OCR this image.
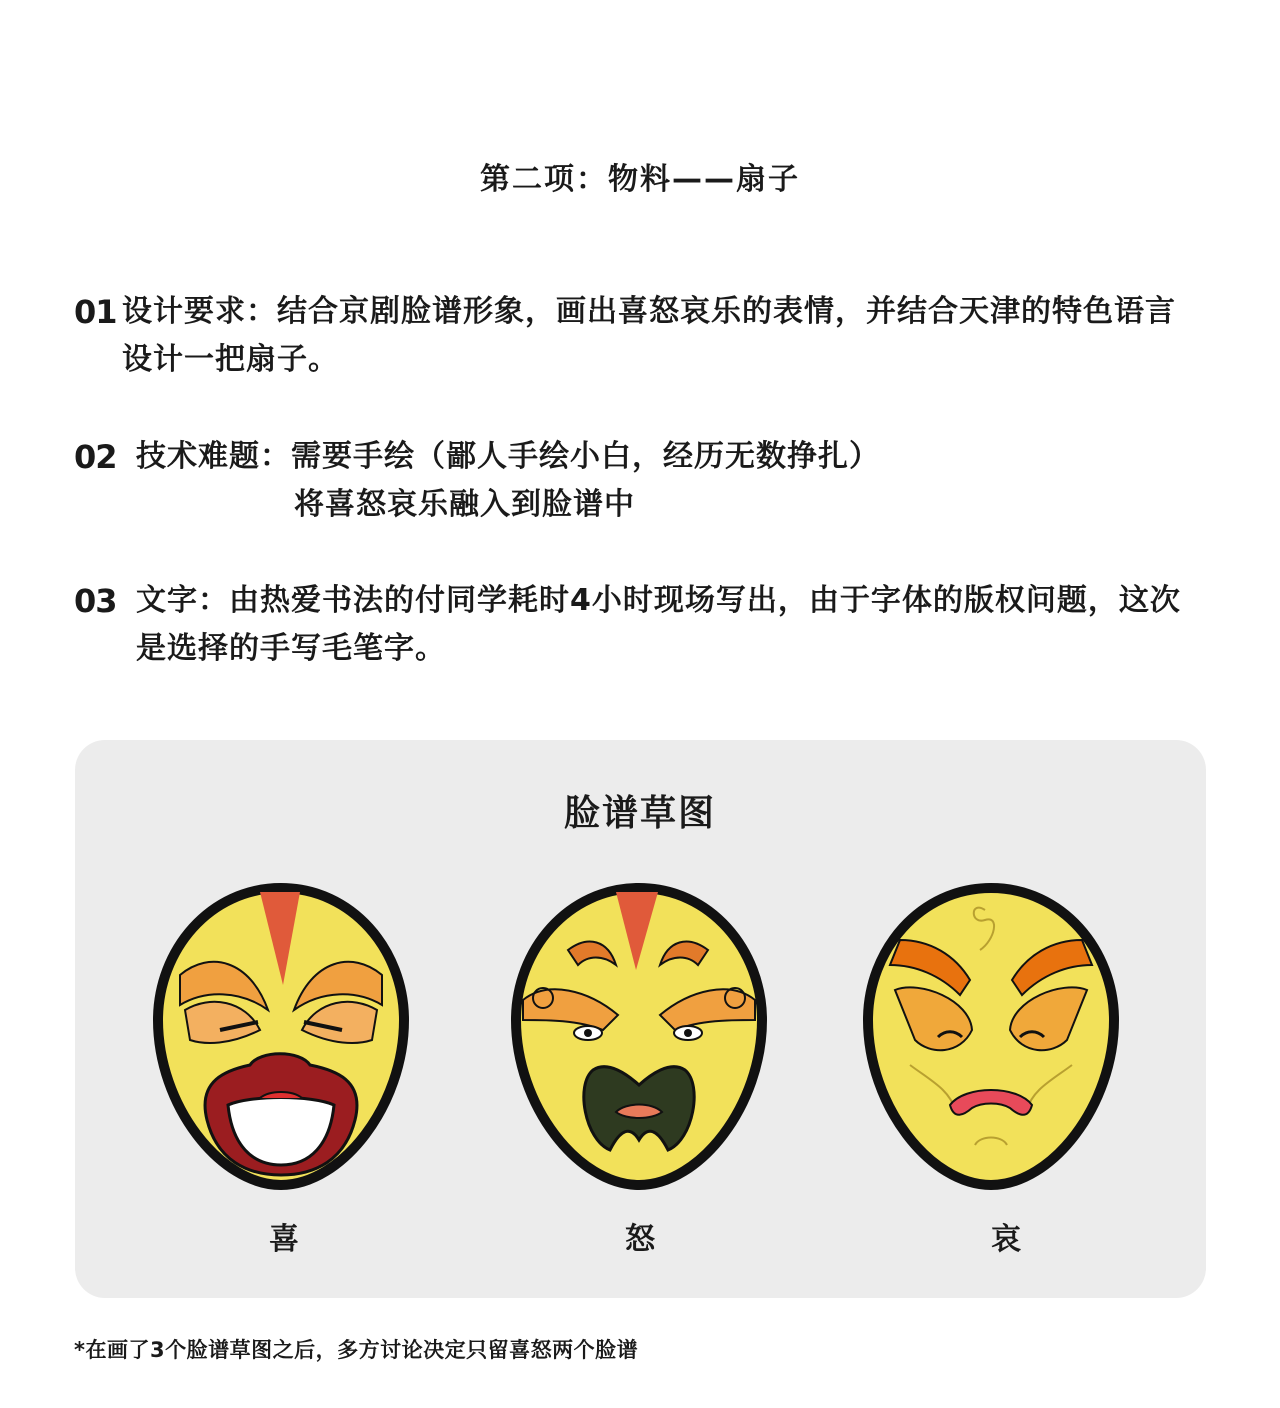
第二项：物料——扇子
01 设计要求：结合京剧脸谱形象，画出喜怒哀乐的表情，并结合天津的特色语言
设计一把扇子。
02 技术难题：需要手绘（鄙人手绘小白，经历无数挣扎）
将喜怒哀乐融入到脸谱中
03 文字：由热爱书法的付同学耗时4小时现场写出，由于字体的版权问题，这次
是选择的手写毛笔字。
脸谱草图
喜	怒	哀
*在画了3个脸谱草图之后，多方讨论决定只留喜怒两个脸谱
